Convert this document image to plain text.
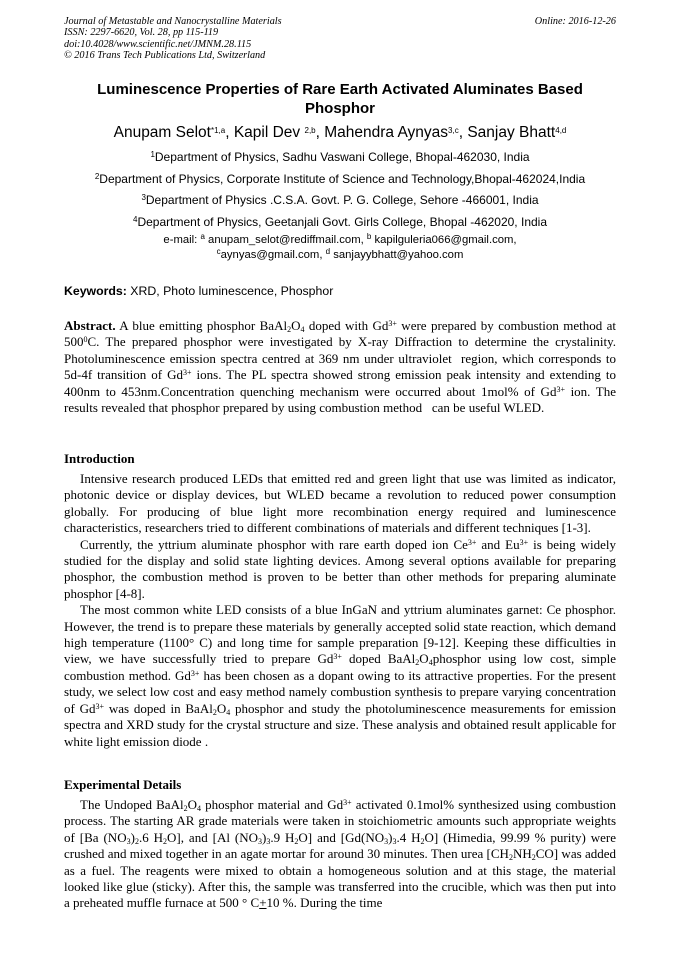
Journal of Metastable and Nanocrystalline Materials
ISSN: 2297-6620, Vol. 28, pp 115-119
doi:10.4028/www.scientific.net/JMNM.28.115
© 2016 Trans Tech Publications Ltd, Switzerland
Online: 2016-12-26
Luminescence Properties of Rare Earth Activated Aluminates Based Phosphor
Anupam Selot$^{*1,a}$, Kapil Dev $^{2,b}$, Mahendra Aynyas$^{3,c}$, Sanjay Bhatt$^{4,d}$
$^1$Department of Physics, Sadhu Vaswani College, Bhopal-462030, India
$^2$Department of Physics, Corporate Institute of Science and Technology,Bhopal-462024,India
$^3$Department of Physics .C.S.A. Govt. P. G. College, Sehore -466001, India
$^4$Department of Physics, Geetanjali Govt. Girls College, Bhopal -462020, India
e-mail: $^a$ anupam_selot@rediffmail.com, $^b$ kapilguleria066@gmail.com,
$^c$aynyas@gmail.com, $^d$ sanjayybhatt@yahoo.com
Keywords: XRD, Photo luminescence, Phosphor
Abstract. A blue emitting phosphor $BaAl_2O_4$ doped with $Gd^{3+}$ were prepared by combustion method at $500^0C$. The prepared phosphor were investigated by X-ray Diffraction to determine the crystalinity. Photoluminescence emission spectra centred at 369 nm under ultraviolet  region, which corresponds to 5d-4f transition of $Gd^{3+}$ ions. The PL spectra showed strong emission peak intensity and extending to 400nm to 453nm.Concentration quenching mechanism were occurred about 1mol% of $Gd^{3+}$ ion. The results revealed that phosphor prepared by using combustion method   can be useful WLED.
Introduction

Intensive research produced LEDs that emitted red and green light that use was limited as indicator, photonic device or display devices, but WLED became a revolution to reduced power consumption globally. For producing of blue light more recombination energy required and luminescence characteristics, researchers tried to different combinations of materials and different techniques [1-3].

Currently, the yttrium aluminate phosphor with rare earth doped ion $Ce^{3+}$ and $Eu^{3+}$ is being widely studied for the display and solid state lighting devices. Among several options available for preparing phosphor, the combustion method is proven to be better than other methods for preparing aluminate phosphor [4-8].

The most common white LED consists of a blue InGaN and yttrium aluminates garnet: Ce phosphor. However, the trend is to prepare these materials by generally accepted solid state reaction, which demand high temperature (1100° C) and long time for sample preparation [9-12]. Keeping these difficulties in view, we have successfully tried to prepare $Gd^{3+}$ doped $BaAl_2O_4phosphor$ using low cost, simple combustion method. $Gd^{3+}$ has been chosen as a dopant owing to its attractive properties. For the present study, we select low cost and easy method namely combustion synthesis to prepare varying concentration of $Gd^{3+}$ was doped in $BaAl_2O_4$ phosphor and study the photoluminescence measurements for emission spectra and XRD study for the crystal structure and size. These analysis and obtained result applicable for white light emission diode .

Experimental Details

The Undoped $BaAl_2O_4$ phosphor material and $Gd^{3+}$ activated 0.1mol% synthesized using combustion process. The starting AR grade materials were taken in stoichiometric amounts such appropriate weights of [Ba $(NO_3)_2.6$ $H_2O$], and [Al $(NO_3)_3.9$ $H_2O$] and [$Gd(NO_3)_3.4$ $H_2O$] (Himedia, 99.99 % purity) were crushed and mixed together in an agate mortar for around 30 minutes. Then urea $[CH_2NH_2CO]$ was added as a fuel. The reagents were mixed to obtain a homogeneous solution and at this stage, the material looked like glue (sticky). After this, the sample was transferred into the crucible, which was then put into a preheated muffle furnace at 500 ° C+10 %. During the time
